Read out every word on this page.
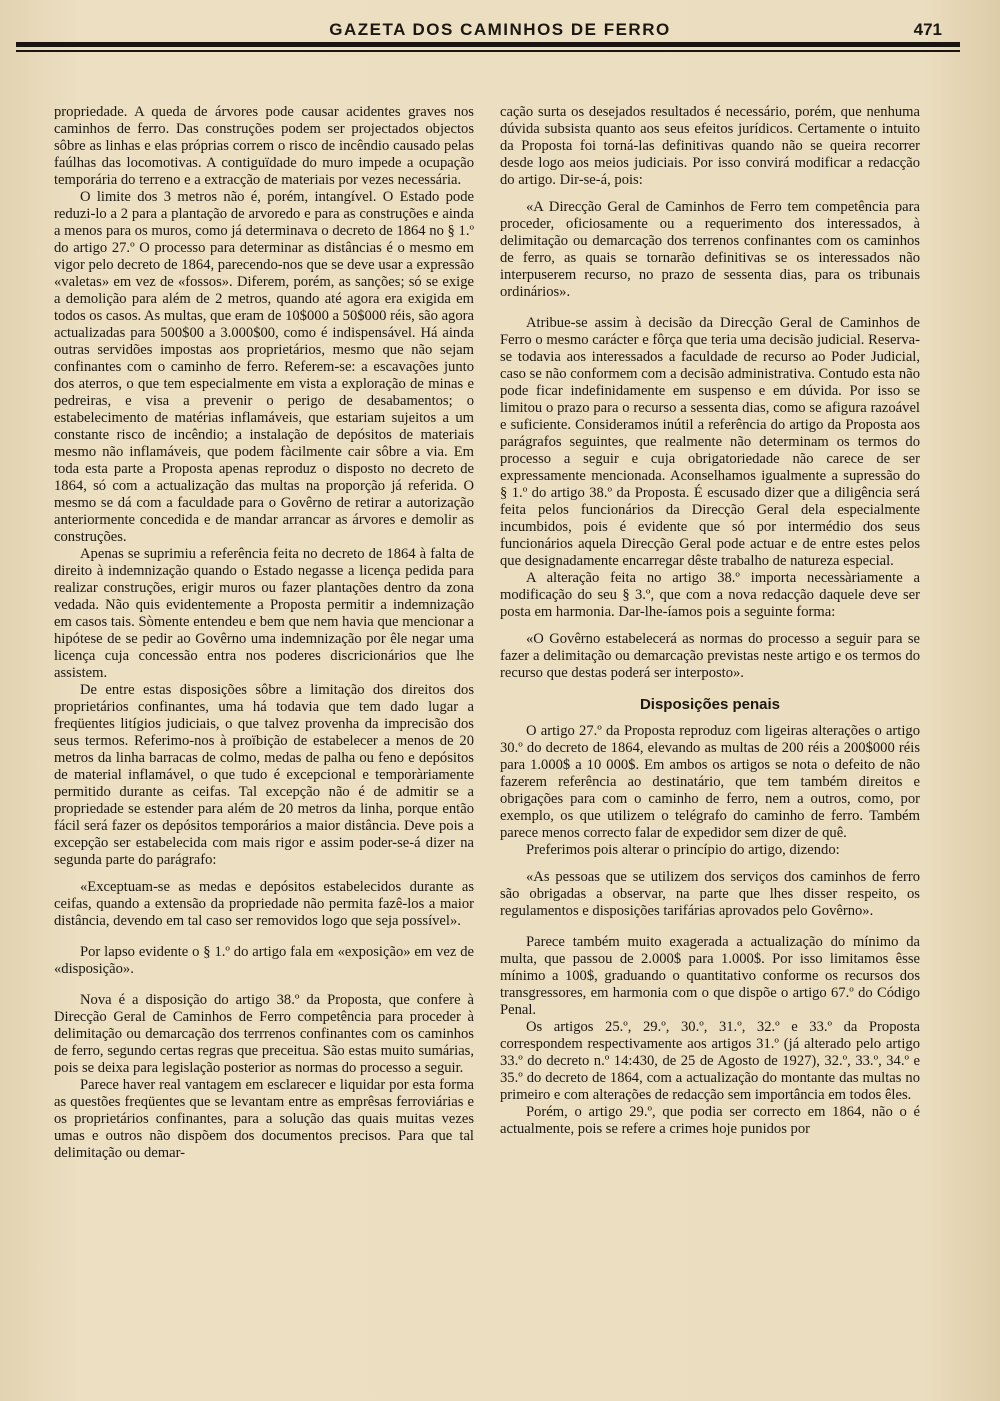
GAZETA DOS CAMINHOS DE FERRO	471

propriedade. A queda de árvores pode causar acidentes graves nos caminhos de ferro. Das construções podem ser projectados objectos sôbre as linhas e elas próprias correm o risco de incêndio causado pelas faúlhas das locomotivas. A contiguïdade do muro impede a ocupação temporária do terreno e a extracção de materiais por vezes necessária.

O limite dos 3 metros não é, porém, intangível. O Estado pode reduzi-lo a 2 para a plantação de arvoredo e para as construções e ainda a menos para os muros, como já determinava o decreto de 1864 no § 1.º do artigo 27.º O processo para determinar as distâncias é o mesmo em vigor pelo decreto de 1864, parecendo-nos que se deve usar a expressão «valetas» em vez de «fossos». Diferem, porém, as sanções; só se exige a demolição para além de 2 metros, quando até agora era exigida em todos os casos. As multas, que eram de 10$000 a 50$000 réis, são agora actualizadas para 500$00 a 3.000$00, como é indispensável. Há ainda outras servidões impostas aos proprietários, mesmo que não sejam confinantes com o caminho de ferro. Referem-se: a escavações junto dos aterros, o que tem especialmente em vista a exploração de minas e pedreiras, e visa a prevenir o perigo de desabamentos; o estabelecimento de matérias inflamáveis, que estariam sujeitos a um constante risco de incêndio; a instalação de depósitos de materiais mesmo não inflamáveis, que podem fàcilmente cair sôbre a via. Em toda esta parte a Proposta apenas reproduz o disposto no decreto de 1864, só com a actualização das multas na proporção já referida. O mesmo se dá com a faculdade para o Govêrno de retirar a autorização anteriormente concedida e de mandar arrancar as árvores e demolir as construções.

Apenas se suprimiu a referência feita no decreto de 1864 à falta de direito à indemnização quando o Estado negasse a licença pedida para realizar construções, erigir muros ou fazer plantações dentro da zona vedada. Não quis evidentemente a Proposta permitir a indemnização em casos tais. Sòmente entendeu e bem que nem havia que mencionar a hipótese de se pedir ao Govêrno uma indemnização por êle negar uma licença cuja concessão entra nos poderes discricionários que lhe assistem.

De entre estas disposições sôbre a limitação dos direitos dos proprietários confinantes, uma há todavia que tem dado lugar a freqüentes litígios judiciais, o que talvez provenha da imprecisão dos seus termos. Referimo-nos à proïbição de estabelecer a menos de 20 metros da linha barracas de colmo, medas de palha ou feno e depósitos de material inflamável, o que tudo é excepcional e temporàriamente permitido durante as ceifas. Tal excepção não é de admitir se a propriedade se estender para além de 20 metros da linha, porque então fácil será fazer os depósitos temporários a maior distância. Deve pois a excepção ser estabelecida com mais rigor e assim poder-se-á dizer na segunda parte do parágrafo:

«Exceptuam-se as medas e depósitos estabelecidos durante as ceifas, quando a extensão da propriedade não permita fazê-los a maior distância, devendo em tal caso ser removidos logo que seja possível».

Por lapso evidente o § 1.º do artigo fala em «exposição» em vez de «disposição».

Nova é a disposição do artigo 38.º da Proposta, que confere à Direcção Geral de Caminhos de Ferro competência para proceder à delimitação ou demarcação dos terrrenos confinantes com os caminhos de ferro, segundo certas regras que preceitua. São estas muito sumárias, pois se deixa para legislação posterior as normas do processo a seguir.

Parece haver real vantagem em esclarecer e liquidar por esta forma as questões freqüentes que se levantam entre as emprêsas ferroviárias e os proprietários confinantes, para a solução das quais muitas vezes umas e outros não dispõem dos documentos precisos. Para que tal delimitação ou demar-

cação surta os desejados resultados é necessário, porém, que nenhuma dúvida subsista quanto aos seus efeitos jurídicos. Certamente o intuito da Proposta foi torná-las definitivas quando não se queira recorrer desde logo aos meios judiciais. Por isso convirá modificar a redacção do artigo. Dir-se-á, pois:

«A Direcção Geral de Caminhos de Ferro tem competência para proceder, oficiosamente ou a requerimento dos interessados, à delimitação ou demarcação dos terrenos confinantes com os caminhos de ferro, as quais se tornarão definitivas se os interessados não interpuserem recurso, no prazo de sessenta dias, para os tribunais ordinários».

Atribue-se assim à decisão da Direcção Geral de Caminhos de Ferro o mesmo carácter e fôrça que teria uma decisão judicial. Reserva-se todavia aos interessados a faculdade de recurso ao Poder Judicial, caso se não conformem com a decisão administrativa. Contudo esta não pode ficar indefinidamente em suspenso e em dúvida. Por isso se limitou o prazo para o recurso a sessenta dias, como se afigura razoável e suficiente. Consideramos inútil a referência do artigo da Proposta aos parágrafos seguintes, que realmente não determinam os termos do processo a seguir e cuja obrigatoriedade não carece de ser expressamente mencionada. Aconselhamos igualmente a supressão do § 1.º do artigo 38.º da Proposta. É escusado dizer que a diligência será feita pelos funcionários da Direcção Geral dela especialmente incumbidos, pois é evidente que só por intermédio dos seus funcionários aquela Direcção Geral pode actuar e de entre estes pelos que designadamente encarregar dêste trabalho de natureza especial.

A alteração feita no artigo 38.º importa necessàriamente a modificação do seu § 3.º, que com a nova redacção daquele deve ser posta em harmonia. Dar-lhe-íamos pois a seguinte forma:

«O Govêrno estabelecerá as normas do processo a seguir para se fazer a delimitação ou demarcação previstas neste artigo e os termos do recurso que destas poderá ser interposto».

Disposições penais

O artigo 27.º da Proposta reproduz com ligeiras alterações o artigo 30.º do decreto de 1864, elevando as multas de 200 réis a 200$000 réis para 1.000$ a 10 000$. Em ambos os artigos se nota o defeito de não fazerem referência ao destinatário, que tem também direitos e obrigações para com o caminho de ferro, nem a outros, como, por exemplo, os que utilizem o telégrafo do caminho de ferro. Também parece menos correcto falar de expedidor sem dizer de quê.

Preferimos pois alterar o princípio do artigo, dizendo:

«As pessoas que se utilizem dos serviços dos caminhos de ferro são obrigadas a observar, na parte que lhes disser respeito, os regulamentos e disposições tarifárias aprovados pelo Govêrno».

Parece também muito exagerada a actualização do mínimo da multa, que passou de 2.000$ para 1.000$. Por isso limitamos êsse mínimo a 100$, graduando o quantitativo conforme os recursos dos transgressores, em harmonia com o que dispõe o artigo 67.º do Código Penal.

Os artigos 25.º, 29.º, 30.º, 31.º, 32.º e 33.º da Proposta correspondem respectivamente aos artigos 31.º (já alterado pelo artigo 33.º do decreto n.º 14:430, de 25 de Agosto de 1927), 32.º, 33.º, 34.º e 35.º do decreto de 1864, com a actualização do montante das multas no primeiro e com alterações de redacção sem importância em todos êles.

Porém, o artigo 29.º, que podia ser correcto em 1864, não o é actualmente, pois se refere a crimes hoje punidos por
